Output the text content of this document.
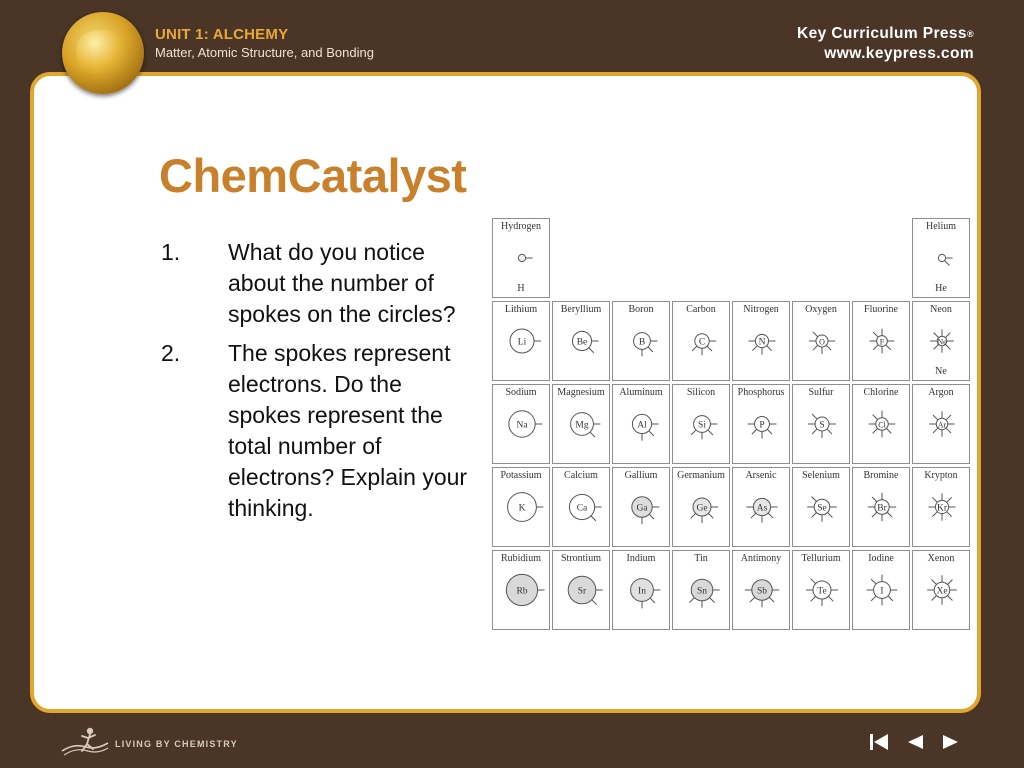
UNIT 1: ALCHEMY
Matter, Atomic Structure, and Bonding
Key Curriculum Press®
www.keypress.com
ChemCatalyst
1. What do you notice about the number of spokes on the circles?
2. The spokes represent electrons. Do the spokes represent the total number of electrons? Explain your thinking.
Hydrogen
H
Helium
He
Lithium
Li
Beryllium
Be
Boron
B
Carbon
C
Nitrogen
N
Oxygen
O
Fluorine
F
Neon
Ne
Ne
Sodium
Na
Magnesium
Mg
Aluminum
Al
Silicon
Si
Phosphorus
P
Sulfur
S
Chlorine
Cl
Argon
Ar
Potassium
K
Calcium
Ca
Gallium
Ga
Germanium
Ge
Arsenic
As
Selenium
Se
Bromine
Br
Krypton
Kr
Rubidium
Rb
Strontium
Sr
Indium
In
Tin
Sn
Antimony
Sb
Tellurium
Te
Iodine
I
Xenon
Xe
LIVING BY CHEMISTRY
